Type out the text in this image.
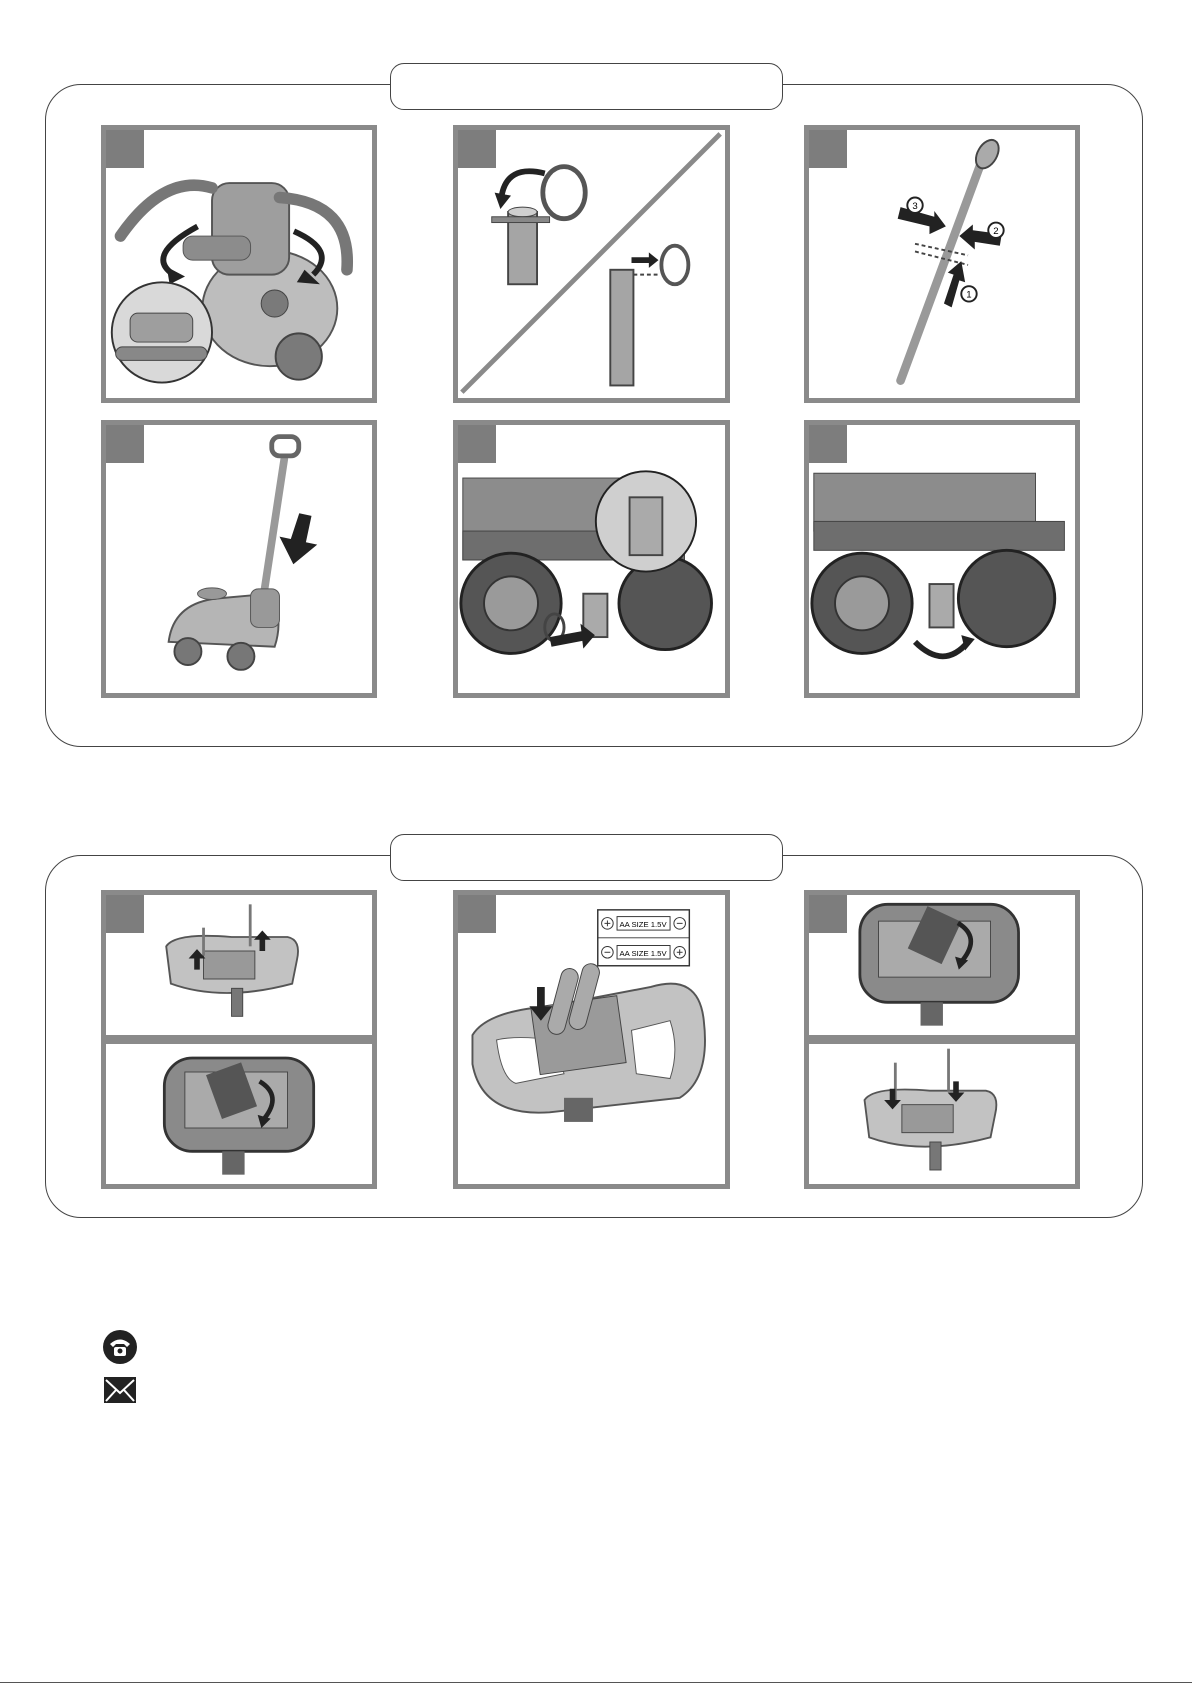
3
2
1
AA SIZE 1.5V
AA SIZE 1.5V
